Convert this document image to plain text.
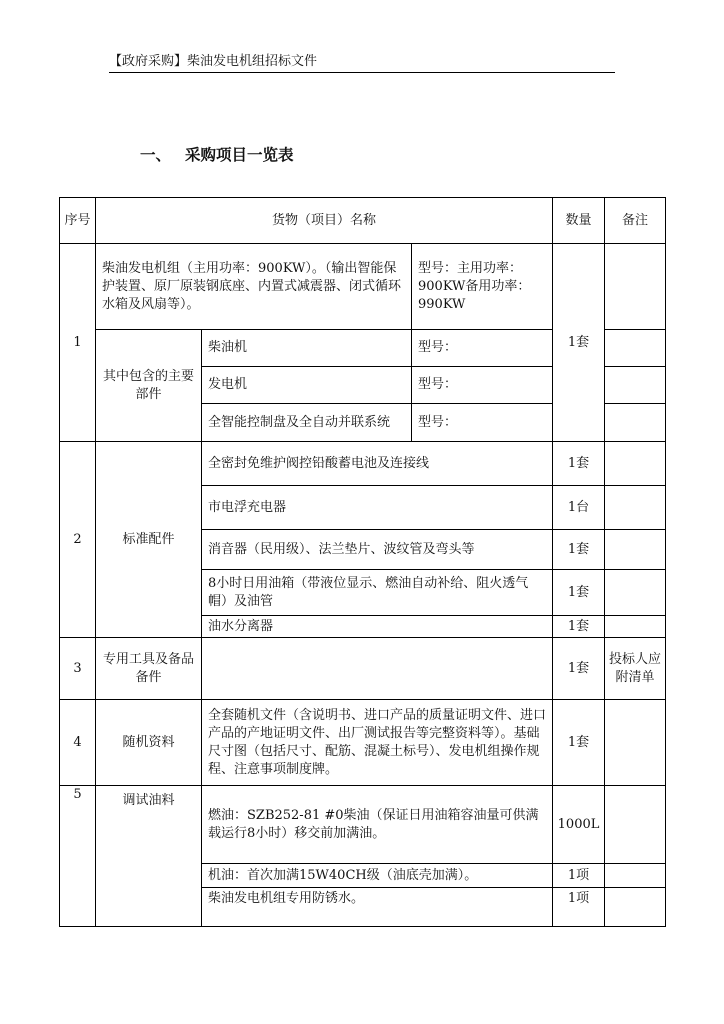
【政府采购】柴油发电机组招标文件
一、 采购项目一览表
序号	货物（项目）名称			数量	备注
1	柴油发电机组（主用功率：900KW）。（输出智能保护装置、原厂原装钢底座、内置式减震器、闭式循环水箱及风扇等）。		型号：主用功率：900KW备用功率：990KW	1套	
	其中包含的主要部件	柴油机	型号：		
		发电机	型号：		
		全智能控制盘及全自动并联系统	型号：		
2	标准配件	全密封免维护阀控铅酸蓄电池及连接线		1套	
		市电浮充电器		1台	
		消音器（民用级）、法兰垫片、波纹管及弯头等		1套	
		8小时日用油箱（带液位显示、燃油自动补给、阻火透气帽）及油管		1套	
		油水分离器		1套	
3	专用工具及备品备件			1套	投标人应附清单
4	随机资料	全套随机文件（含说明书、进口产品的质量证明文件、进口产品的产地证明文件、出厂测试报告等完整资料等）。基础尺寸图（包括尺寸、配筋、混凝土标号）、发电机组操作规程、注意事项制度牌。		1套	
5	调试油料	燃油：SZB252-81 #0柴油（保证日用油箱容油量可供满载运行8小时）移交前加满油。		1000L	
		机油：首次加满15W40CH级（油底壳加满）。		1项	
		柴油发电机组专用防锈水。		1项	
